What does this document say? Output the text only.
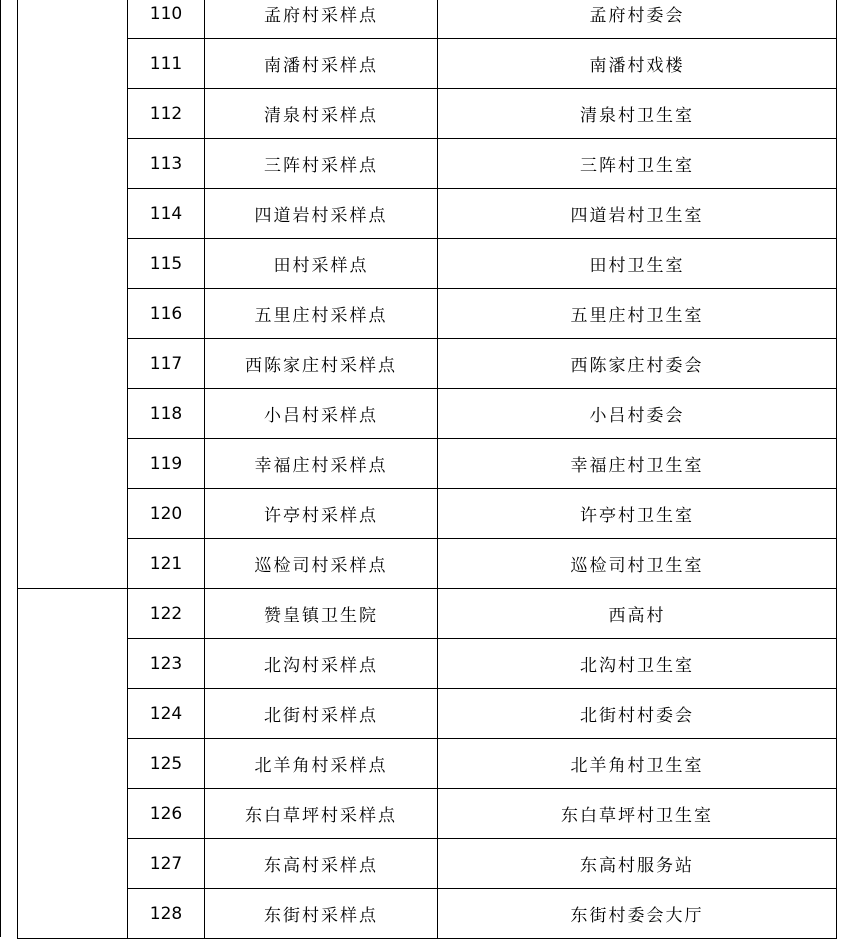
	110	孟府村采样点	孟府村委会
	111	南潘村采样点	南潘村戏楼
	112	清泉村采样点	清泉村卫生室
	113	三阵村采样点	三阵村卫生室
	114	四道岩村采样点	四道岩村卫生室
	115	田村采样点	田村卫生室
	116	五里庄村采样点	五里庄村卫生室
	117	西陈家庄村采样点	西陈家庄村委会
	118	小吕村采样点	小吕村委会
	119	幸福庄村采样点	幸福庄村卫生室
	120	许亭村采样点	许亭村卫生室
	121	巡检司村采样点	巡检司村卫生室
	122	赞皇镇卫生院	西高村
	123	北沟村采样点	北沟村卫生室
	124	北街村采样点	北街村村委会
	125	北羊角村采样点	北羊角村卫生室
	126	东白草坪村采样点	东白草坪村卫生室
	127	东高村采样点	东高村服务站
	128	东街村采样点	东街村委会大厅
